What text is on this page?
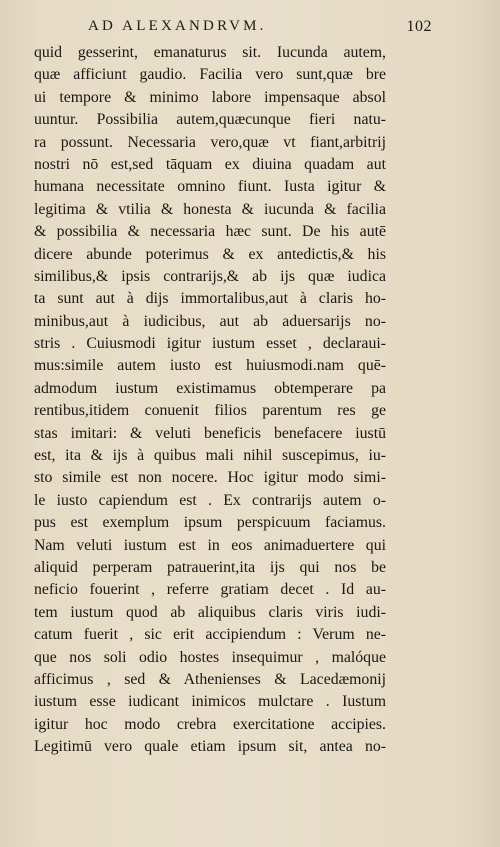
AD ALEXANDRVM.	102
quid gesserint, emanaturus sit. Iucunda autem,
quæ afficiunt gaudio. Facilia vero sunt,quæ bre
ui tempore & minimo labore impensaque absol
uuntur. Possibilia autem,quæcunque fieri natu-
ra possunt. Necessaria vero,quæ vt fiant,arbitrij
nostri nō est,sed tāquam ex diuina quadam aut
humana necessitate omnino fiunt. Iusta igitur &
legitima & vtilia & honesta & iucunda & facilia
& possibilia & necessaria hæc sunt. De his autē
dicere abunde poterimus & ex antedictis,& his
similibus,& ipsis contrarijs,& ab ijs quæ iudica
ta sunt aut à dijs immortalibus,aut à claris ho-
minibus,aut à iudicibus, aut ab aduersarijs no-
stris . Cuiusmodi igitur iustum esset , declaraui-
mus:simile autem iusto est huiusmodi.nam quē-
admodum iustum existimamus obtemperare pa
rentibus,itidem conuenit filios parentum res ge
stas imitari: & veluti beneficis benefacere iustū
est, ita & ijs à quibus mali nihil suscepimus, iu-
sto simile est non nocere. Hoc igitur modo simi-
le iusto capiendum est . Ex contrarijs autem o-
pus est exemplum ipsum perspicuum faciamus.
Nam veluti iustum est in eos animaduertere qui
aliquid perperam patrauerint,ita ijs qui nos be
neficio fouerint , referre gratiam decet . Id au-
tem iustum quod ab aliquibus claris viris iudi-
catum fuerit , sic erit accipiendum : Verum ne-
que nos soli odio hostes insequimur , malóque
afficimus , sed & Athenienses & Lacedæmonij
iustum esse iudicant inimicos mulctare . Iustum
igitur hoc modo crebra exercitatione accipies.
Legitimū vero quale etiam ipsum sit, antea no-
